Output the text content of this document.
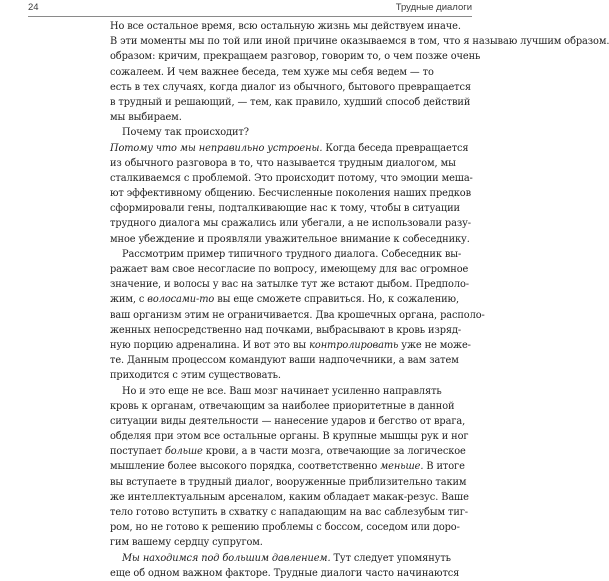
24	Трудные диалоги
Но все остальное время, всю остальную жизнь мы действуем иначе.
В эти моменты мы по той или иной причине оказываемся в том, что я называю лучшим образом.
образом: кричим, прекращаем разговор, говорим то, о чем позже очень
сожалеем. И чем важнее беседа, тем хуже мы себя ведем — то
есть в тех случаях, когда диалог из обычного, бытового превращается
в трудный и решающий, — тем, как правило, худший способ действий
мы выбираем.
Почему так происходит?
Потому что мы неправильно устроены. Когда беседа превращается
из обычного разговора в то, что называется трудным диалогом, мы
сталкиваемся с проблемой. Это происходит потому, что эмоции меша-
ют эффективному общению. Бесчисленные поколения наших предков
сформировали гены, подталкивающие нас к тому, чтобы в ситуации
трудного диалога мы сражались или убегали, а не использовали разу-
мное убеждение и проявляли уважительное внимание к собеседнику.
Рассмотрим пример типичного трудного диалога. Собеседник вы-
ражает вам свое несогласие по вопросу, имеющему для вас огромное
значение, и волосы у вас на затылке тут же встают дыбом. Предполо-
жим, с волосами-то вы еще сможете справиться. Но, к сожалению,
ваш организм этим не ограничивается. Два крошечных органа, располо-
женных непосредственно над почками, выбрасывают в кровь изряд-
ную порцию адреналина. И вот это вы контролировать уже не може-
те. Данным процессом командуют ваши надпочечники, а вам затем
приходится с этим существовать.
Но и это еще не все. Ваш мозг начинает усиленно направлять
кровь к органам, отвечающим за наиболее приоритетные в данной
ситуации виды деятельности — нанесение ударов и бегство от врага,
обделяя при этом все остальные органы. В крупные мышцы рук и ног
поступает больше крови, а в части мозга, отвечающие за логическое
мышление более высокого порядка, соответственно меньше. В итоге
вы вступаете в трудный диалог, вооруженные приблизительно таким
же интеллектуальным арсеналом, каким обладает макак-резус. Ваше
тело готово вступить в схватку с нападающим на вас саблезубым тиг-
ром, но не готово к решению проблемы с боссом, соседом или доро-
гим вашему сердцу супругом.
Мы находимся под большим давлением. Тут следует упомянуть
еще об одном важном факторе. Трудные диалоги часто начинаются
